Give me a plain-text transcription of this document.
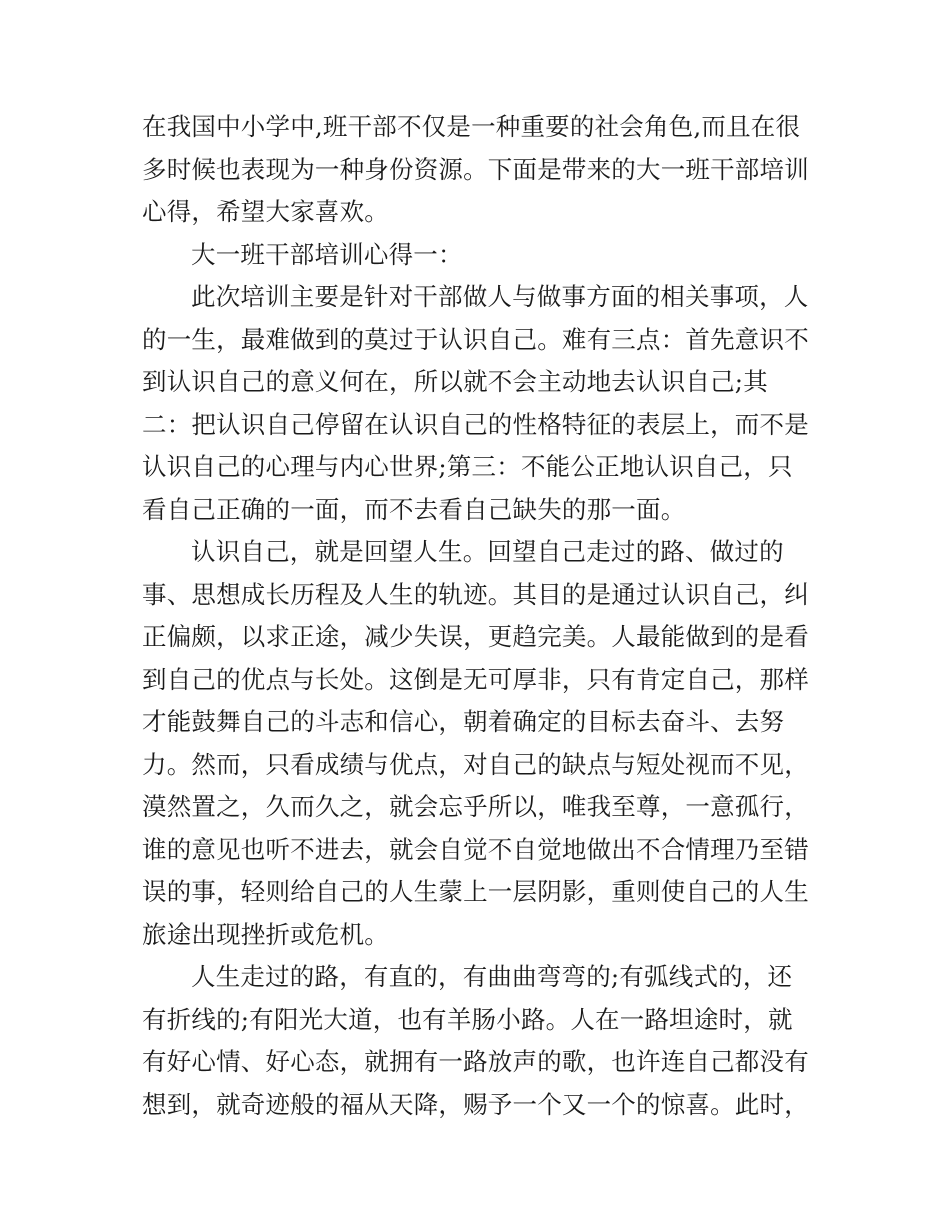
在我国中小学中,班干部不仅是一种重要的社会角色,而且在很
多时候也表现为一种身份资源。下面是带来的大一班干部培训
心得，希望大家喜欢。
大一班干部培训心得一：
此次培训主要是针对干部做人与做事方面的相关事项，人
的一生，最难做到的莫过于认识自己。难有三点：首先意识不
到认识自己的意义何在，所以就不会主动地去认识自己;其
二：把认识自己停留在认识自己的性格特征的表层上，而不是
认识自己的心理与内心世界;第三：不能公正地认识自己，只
看自己正确的一面，而不去看自己缺失的那一面。
认识自己，就是回望人生。回望自己走过的路、做过的
事、思想成长历程及人生的轨迹。其目的是通过认识自己，纠
正偏颇，以求正途，减少失误，更趋完美。人最能做到的是看
到自己的优点与长处。这倒是无可厚非，只有肯定自己，那样
才能鼓舞自己的斗志和信心，朝着确定的目标去奋斗、去努
力。然而，只看成绩与优点，对自己的缺点与短处视而不见，
漠然置之，久而久之，就会忘乎所以，唯我至尊，一意孤行，
谁的意见也听不进去，就会自觉不自觉地做出不合情理乃至错
误的事，轻则给自己的人生蒙上一层阴影，重则使自己的人生
旅途出现挫折或危机。
人生走过的路，有直的，有曲曲弯弯的;有弧线式的，还
有折线的;有阳光大道，也有羊肠小路。人在一路坦途时，就
有好心情、好心态，就拥有一路放声的歌，也许连自己都没有
想到，就奇迹般的福从天降，赐予一个又一个的惊喜。此时，
